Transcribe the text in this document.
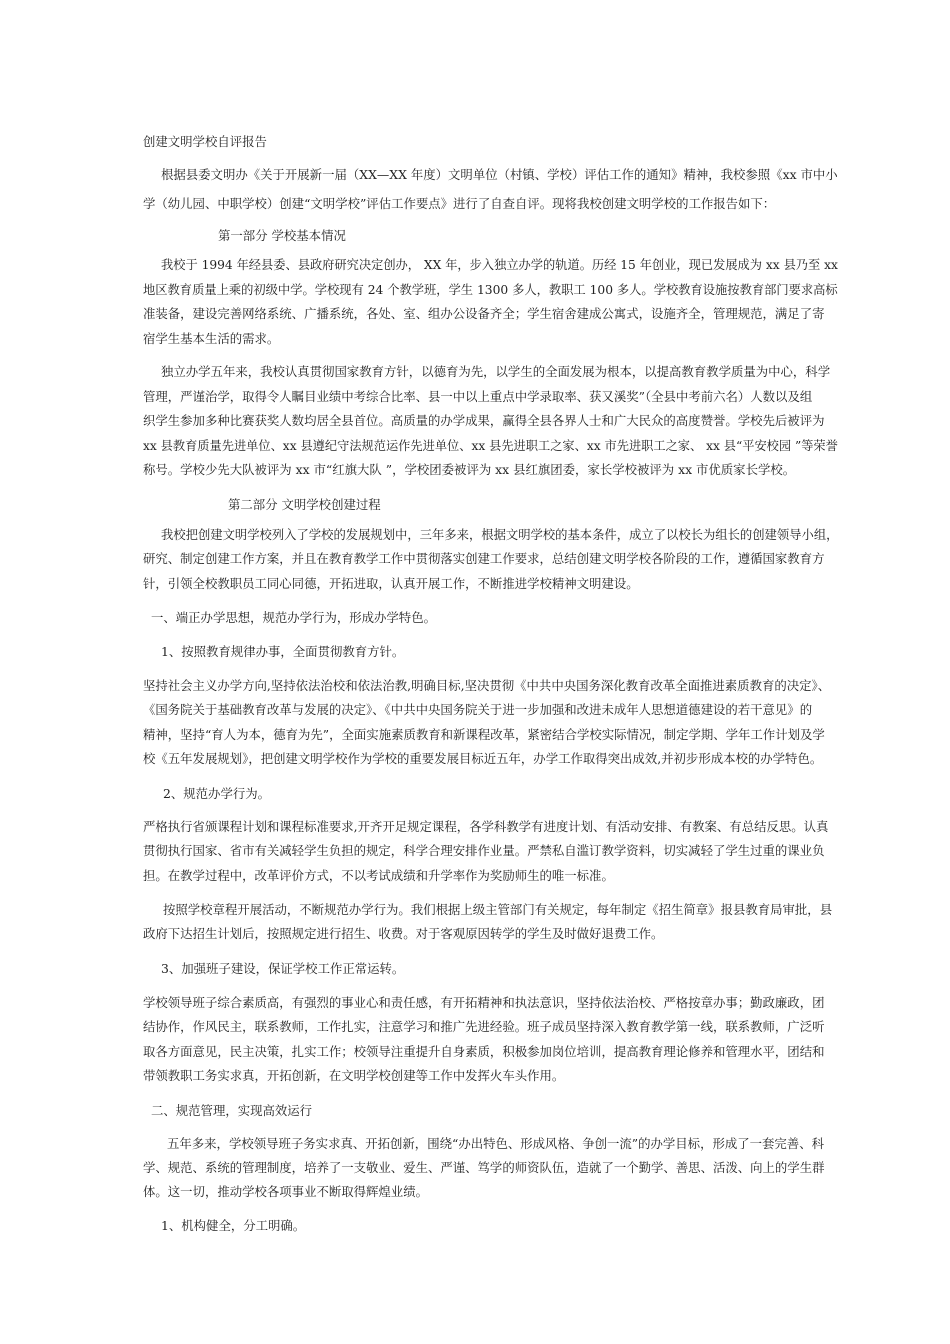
创建文明学校自评报告
根据县委文明办《关于开展新一届（XX—XX 年度）文明单位（村镇、学校）评估工作的通知》精神，我校参照《xx 市中小
学（幼儿园、中职学校）创建“文明学校”评估工作要点》进行了自查自评。现将我校创建文明学校的工作报告如下：
第一部分 学校基本情况
我校于 1994 年经县委、县政府研究决定创办， XX 年，步入独立办学的轨道。历经 15 年创业，现已发展成为 xx 县乃至 xx
地区教育质量上乘的初级中学。学校现有 24 个教学班，学生 1300 多人，教职工 100 多人。学校教育设施按教育部门要求高标
准装备，建设完善网络系统、广播系统，各处、室、组办公设备齐全；学生宿舍建成公寓式，设施齐全，管理规范，满足了寄
宿学生基本生活的需求。
独立办学五年来，我校认真贯彻国家教育方针，以德育为先，以学生的全面发展为根本，以提高教育教学质量为中心，科学
管理，严谨治学，取得令人瞩目业绩中考综合比率、县一中以上重点中学录取率、获又溪奖”（全县中考前六名）人数以及组
织学生参加多种比赛获奖人数均居全县首位。高质量的办学成果，赢得全县各界人士和广大民众的高度赞誉。学校先后被评为
xx 县教育质量先进单位、xx 县遵纪守法规范运作先进单位、xx 县先进职工之家、xx 市先进职工之家、 xx 县“平安校园 ”等荣誉
称号。学校少先大队被评为 xx 市“红旗大队 ”，学校团委被评为 xx 县红旗团委，家长学校被评为 xx 市优质家长学校。
第二部分 文明学校创建过程
我校把创建文明学校列入了学校的发展规划中，三年多来，根据文明学校的基本条件，成立了以校长为组长的创建领导小组，
研究、制定创建工作方案，并且在教育教学工作中贯彻落实创建工作要求，总结创建文明学校各阶段的工作，遵循国家教育方
针，引领全校教职员工同心同德，开拓进取，认真开展工作，不断推进学校精神文明建设。
一、端正办学思想，规范办学行为，形成办学特色。
1、按照教育规律办事，全面贯彻教育方针。
坚持社会主义办学方向,坚持依法治校和依法治教,明确目标,坚决贯彻《中共中央国务深化教育改革全面推进素质教育的决定》、
《国务院关于基础教育改革与发展的决定》、《中共中央国务院关于进一步加强和改进未成年人思想道德建设的若干意见》的
精神，坚持“育人为本，德育为先”，全面实施素质教育和新课程改革，紧密结合学校实际情况，制定学期、学年工作计划及学
校《五年发展规划》，把创建文明学校作为学校的重要发展目标近五年，办学工作取得突出成效,并初步形成本校的办学特色。
2、规范办学行为。
严格执行省颁课程计划和课程标准要求,开齐开足规定课程，各学科教学有进度计划、有活动安排、有教案、有总结反思。认真
贯彻执行国家、省市有关减轻学生负担的规定，科学合理安排作业量。严禁私自滥订教学资料，切实减轻了学生过重的课业负
担。在教学过程中，改革评价方式，不以考试成绩和升学率作为奖励师生的唯一标准。
按照学校章程开展活动，不断规范办学行为。我们根据上级主管部门有关规定，每年制定《招生简章》报县教育局审批，县
政府下达招生计划后，按照规定进行招生、收费。对于客观原因转学的学生及时做好退费工作。
3、加强班子建设，保证学校工作正常运转。
学校领导班子综合素质高，有强烈的事业心和责任感，有开拓精神和执法意识，坚持依法治校、严格按章办事；勤政廉政，团
结协作，作风民主，联系教师，工作扎实，注意学习和推广先进经验。班子成员坚持深入教育教学第一线，联系教师，广泛听
取各方面意见，民主决策，扎实工作；校领导注重提升自身素质，积极参加岗位培训，提高教育理论修养和管理水平，团结和
带领教职工务实求真，开拓创新，在文明学校创建等工作中发挥火车头作用。
二、规范管理，实现高效运行
五年多来，学校领导班子务实求真、开拓创新，围绕“办出特色、形成风格、争创一流”的办学目标，形成了一套完善、科
学、规范、系统的管理制度，培养了一支敬业、爱生、严谨、笃学的师资队伍，造就了一个勤学、善思、活泼、向上的学生群
体。这一切，推动学校各项事业不断取得辉煌业绩。
1、机构健全，分工明确。
